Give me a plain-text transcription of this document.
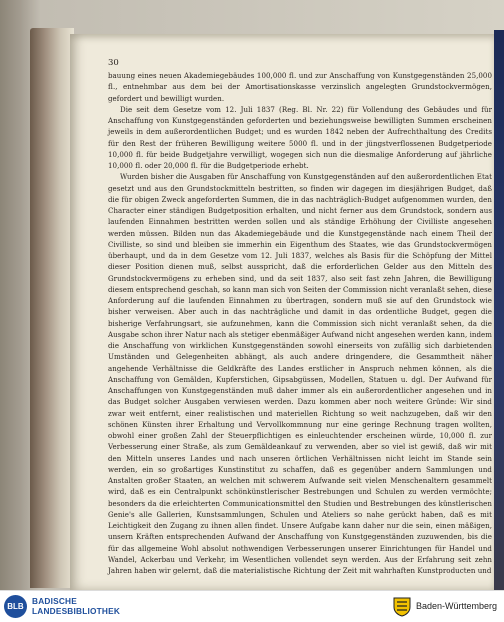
30

bauung eines neuen Akademiegebäudes 100,000 fl. und zur Anschaffung von Kunstgegenständen 25,000 fl., entnehmbar aus dem bei der Amortisationskasse verzinslich angelegten Grundstockvermögen, gefordert und bewilligt wurden.

Die seit dem Gesetze vom 12. Juli 1837 (Reg. Bl. Nr. 22) für Vollendung des Gebäudes und für Anschaffung von Kunstgegenständen geforderten und beziehungsweise bewilligten Summen erscheinen jeweils in dem außerordentlichen Budget; und es wurden 1842 neben der Aufrechthaltung des Credits für den Rest der früheren Bewilligung weitere 5000 fl. und in der jüngstverflossenen Budgetperiode 10,000 fl. für beide Budgetjahre verwilligt, wogegen sich nun die diesmalige Anforderung auf jährliche 10,000 fl. oder 20,000 fl. für die Budgetperiode erhebt.

Wurden bisher die Ausgaben für Anschaffung von Kunstgegenständen auf den außerordentlichen Etat gesetzt und aus den Grundstockmitteln bestritten, so finden wir dagegen im diesjährigen Budget, daß die für obigen Zweck angeforderten Summen, die in das nachträglich-Budget aufgenommen wurden, den Character einer ständigen Budgetposition erhalten, und nicht ferner aus dem Grundstock, sondern aus laufenden Einnahmen bestritten werden sollen und als ständige Erhöhung der Civilliste angesehen werden müssen. Bilden nun das Akademiegebäude und die Kunstgegenstände nach einem Theil der Civilliste, so sind und bleiben sie immerhin ein Eigenthum des Staates, wie das Grundstockvermögen überhaupt, und da in dem Gesetze vom 12. Juli 1837, welches als Basis für die Schöpfung der Mittel dieser Position dienen muß, selbst ausspricht, daß die erforderlichen Gelder aus den Mitteln des Grundstockvermögens zu erheben sind, und da seit 1837, also seit fast zehn Jahren, die Bewilligung diesem entsprechend geschah, so kann man sich von Seiten der Commission nicht veranlaßt sehen, diese Anforderung auf die laufenden Einnahmen zu übertragen, sondern muß sie auf den Grundstock wie bisher verweisen. Aber auch in das nachträgliche und damit in das ordentliche Budget, gegen die bisherige Verfahrungsart, sie aufzunehmen, kann die Commission sich nicht veranlaßt sehen, da die Ausgabe schon ihrer Natur nach als stetiger ebenmäßiger Aufwand nicht angesehen werden kann, indem die Anschaffung von wirklichen Kunstgegenständen sowohl einerseits von zufällig sich darbietenden Umständen und Gelegenheiten abhängt, als auch andere dringendere, die Gesammtheit näher angehende Verhältnisse die Geldkräfte des Landes erstlicher in Anspruch nehmen können, als die Anschaffung von Gemälden, Kupferstichen, Gipsabgüssen, Modellen, Statuen u. dgl. Der Aufwand für Anschaffungen von Kunstgegenständen muß daher immer als ein außerordentlicher angesehen und in das Budget solcher Ausgaben verwiesen werden. Dazu kommen aber noch weitere Gründe: Wir sind zwar weit entfernt, einer realistischen und materiellen Richtung so weit nachzugeben, daß wir den schönen Künsten ihrer Erhaltung und Vervollkommnung nur eine geringe Rechnung tragen wollten, obwohl einer großen Zahl der Steuerpflichtigen es einleuchtender erscheinen würde, 10,000 fl. zur Verbesserung einer Straße, als zum Gemäldeankauf zu verwenden, aber so viel ist gewiß, daß wir mit den Mitteln unseres Landes und nach unseren örtlichen Verhältnissen nicht leicht im Stande sein werden, ein so großartiges Kunstinstitut zu schaffen, daß es gegenüber andern Sammlungen und Anstalten großer Staaten, an welchen mit schwerem Aufwande seit vielen Menschenaltern gesammelt wird, daß es ein Centralpunkt schönkünstlerischer Bestrebungen und Schulen zu werden vermöchte; besonders da die erleichterten Communicationsmittel den Studien und Bestrebungen des künstlerischen Genie's alle Gallerien, Kunstsammlungen, Schulen und Ateliers so nahe gerückt haben, daß es mit Leichtigkeit den Zugang zu ihnen allen findet. Unsere Aufgabe kann daher nur die sein, einen mäßigen, unsern Kräften entsprechenden Aufwand der Anschaffung von Kunstgegenständen zuzuwenden, bis die für das allgemeine Wohl absolut nothwendigen Verbesserungen unserer Einrichtungen für Handel und Wandel, Ackerbau und Verkehr, im Wesentlichen vollendet seyn werden. Aus der Erfahrung seit zehn Jahren haben wir gelernt, daß die materialistische Richtung der Zeit mit wahrhaften Kunstproducten und

BLB
BADISCHE
LANDESBIBLIOTHEK	Baden-Württemberg
